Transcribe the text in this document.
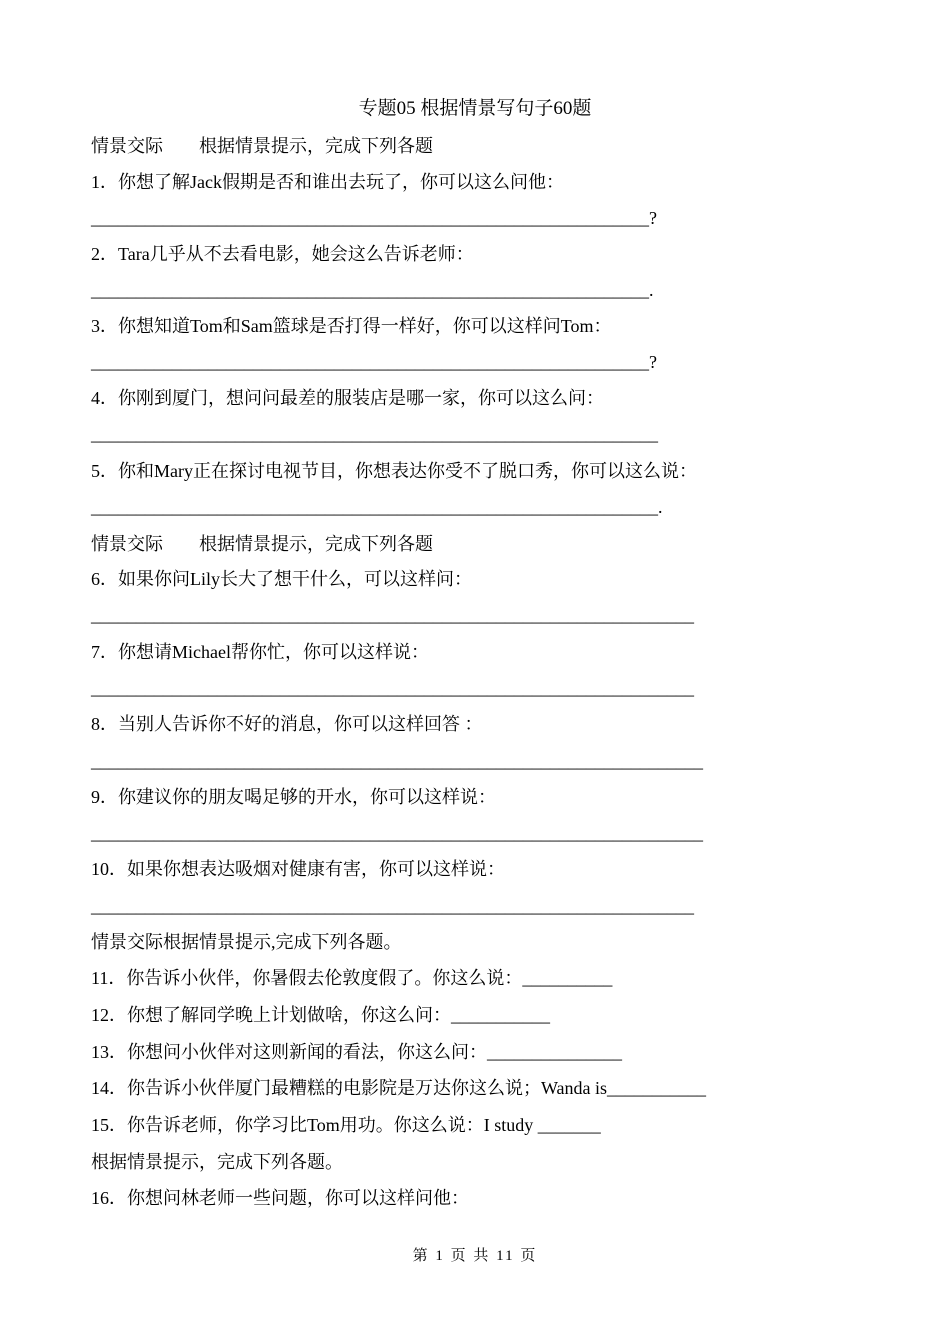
专题05 根据情景写句子60题
情景交际　　根据情景提示，完成下列各题
1．你想了解Jack假期是否和谁出去玩了，你可以这么问他：
______________________________________________________________?
2．Tara几乎从不去看电影，她会这么告诉老师：
______________________________________________________________.
3．你想知道Tom和Sam篮球是否打得一样好，你可以这样问Tom：
______________________________________________________________?
4．你刚到厦门，想问问最差的服装店是哪一家，你可以这么问：
_______________________________________________________________
5．你和Mary正在探讨电视节目，你想表达你受不了脱口秀，你可以这么说：
_______________________________________________________________.
情景交际　　根据情景提示，完成下列各题
6．如果你问Lily长大了想干什么，可以这样问：
___________________________________________________________________
7．你想请Michael帮你忙，你可以这样说：
___________________________________________________________________
8．当别人告诉你不好的消息，你可以这样回答 ：
____________________________________________________________________
9．你建议你的朋友喝足够的开水，你可以这样说：
____________________________________________________________________
10．如果你想表达吸烟对健康有害，你可以这样说：
___________________________________________________________________
情景交际根据情景提示,完成下列各题。
11．你告诉小伙伴，你暑假去伦敦度假了。你这么说：__________
12．你想了解同学晚上计划做啥，你这么问：___________
13．你想问小伙伴对这则新闻的看法，你这么问：_______________
14．你告诉小伙伴厦门最糟糕的电影院是万达你这么说；Wanda is___________
15．你告诉老师，你学习比Tom用功。你这么说：I study _______
根据情景提示，完成下列各题。
16．你想问林老师一些问题，你可以这样问他：
第 1 页 共 11 页
